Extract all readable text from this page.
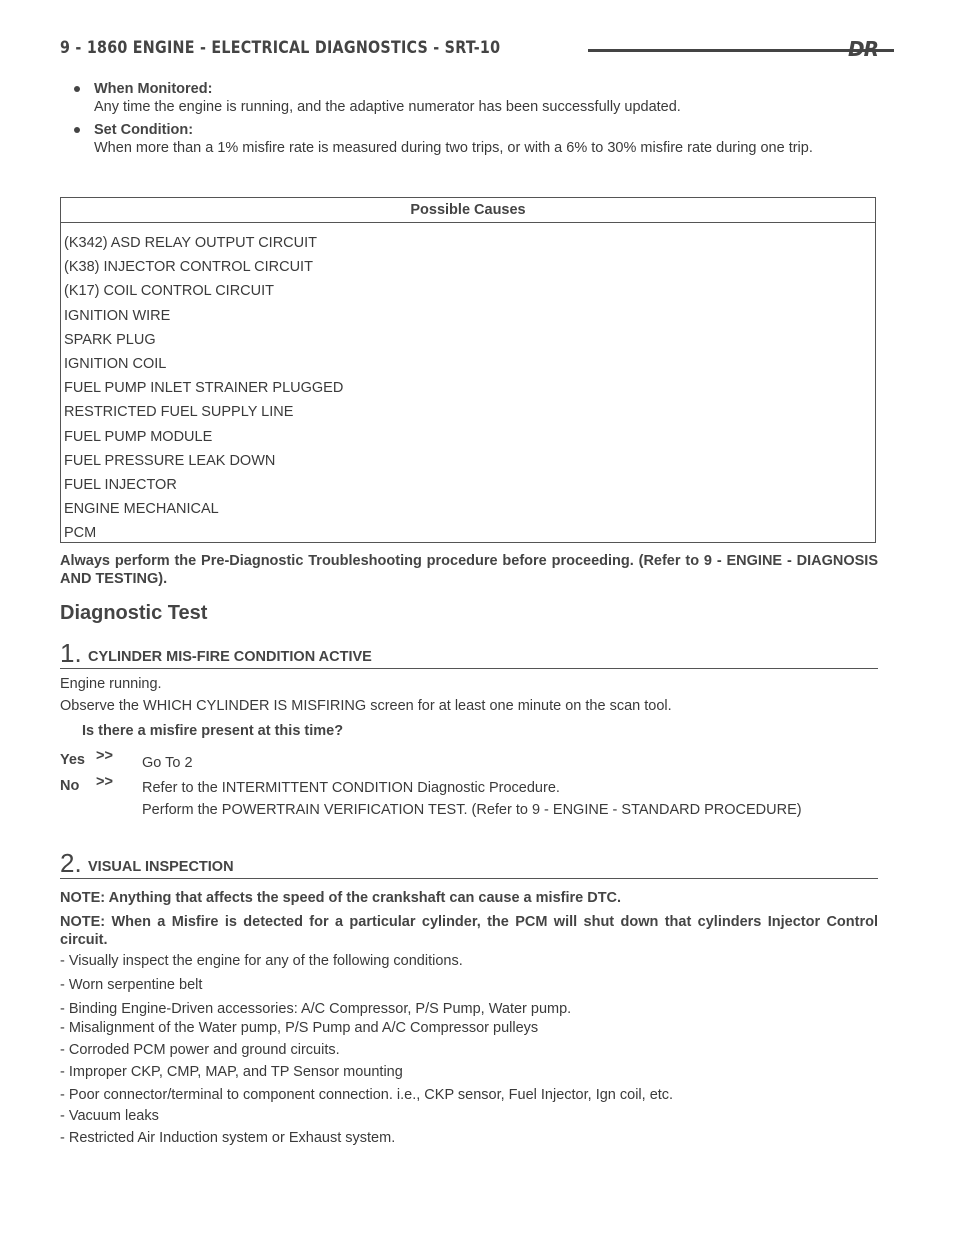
9 - 1860 ENGINE - ELECTRICAL DIAGNOSTICS - SRT-10	DR
When Monitored:
Any time the engine is running, and the adaptive numerator has been successfully updated.
Set Condition:
When more than a 1% misfire rate is measured during two trips, or with a 6% to 30% misfire rate during one trip.
Possible Causes
(K342) ASD RELAY OUTPUT CIRCUIT
(K38) INJECTOR CONTROL CIRCUIT
(K17) COIL CONTROL CIRCUIT
IGNITION WIRE
SPARK PLUG
IGNITION COIL
FUEL PUMP INLET STRAINER PLUGGED
RESTRICTED FUEL SUPPLY LINE
FUEL PUMP MODULE
FUEL PRESSURE LEAK DOWN
FUEL INJECTOR
ENGINE MECHANICAL
PCM
Always perform the Pre-Diagnostic Troubleshooting procedure before proceeding. (Refer to 9 - ENGINE - DIAGNOSIS AND TESTING).
Diagnostic Test
1. CYLINDER MIS-FIRE CONDITION ACTIVE
Engine running.
Observe the WHICH CYLINDER IS MISFIRING screen for at least one minute on the scan tool.
Is there a misfire present at this time?
Yes >> Go To 2
No >> Refer to the INTERMITTENT CONDITION Diagnostic Procedure.
Perform the POWERTRAIN VERIFICATION TEST. (Refer to 9 - ENGINE - STANDARD PROCEDURE)
2. VISUAL INSPECTION
NOTE: Anything that affects the speed of the crankshaft can cause a misfire DTC.
NOTE: When a Misfire is detected for a particular cylinder, the PCM will shut down that cylinders Injector Control circuit.
- Visually inspect the engine for any of the following conditions.
- Worn serpentine belt
- Binding Engine-Driven accessories: A/C Compressor, P/S Pump, Water pump.
- Misalignment of the Water pump, P/S Pump and A/C Compressor pulleys
- Corroded PCM power and ground circuits.
- Improper CKP, CMP, MAP, and TP Sensor mounting
- Poor connector/terminal to component connection. i.e., CKP sensor, Fuel Injector, Ign coil, etc.
- Vacuum leaks
- Restricted Air Induction system or Exhaust system.
